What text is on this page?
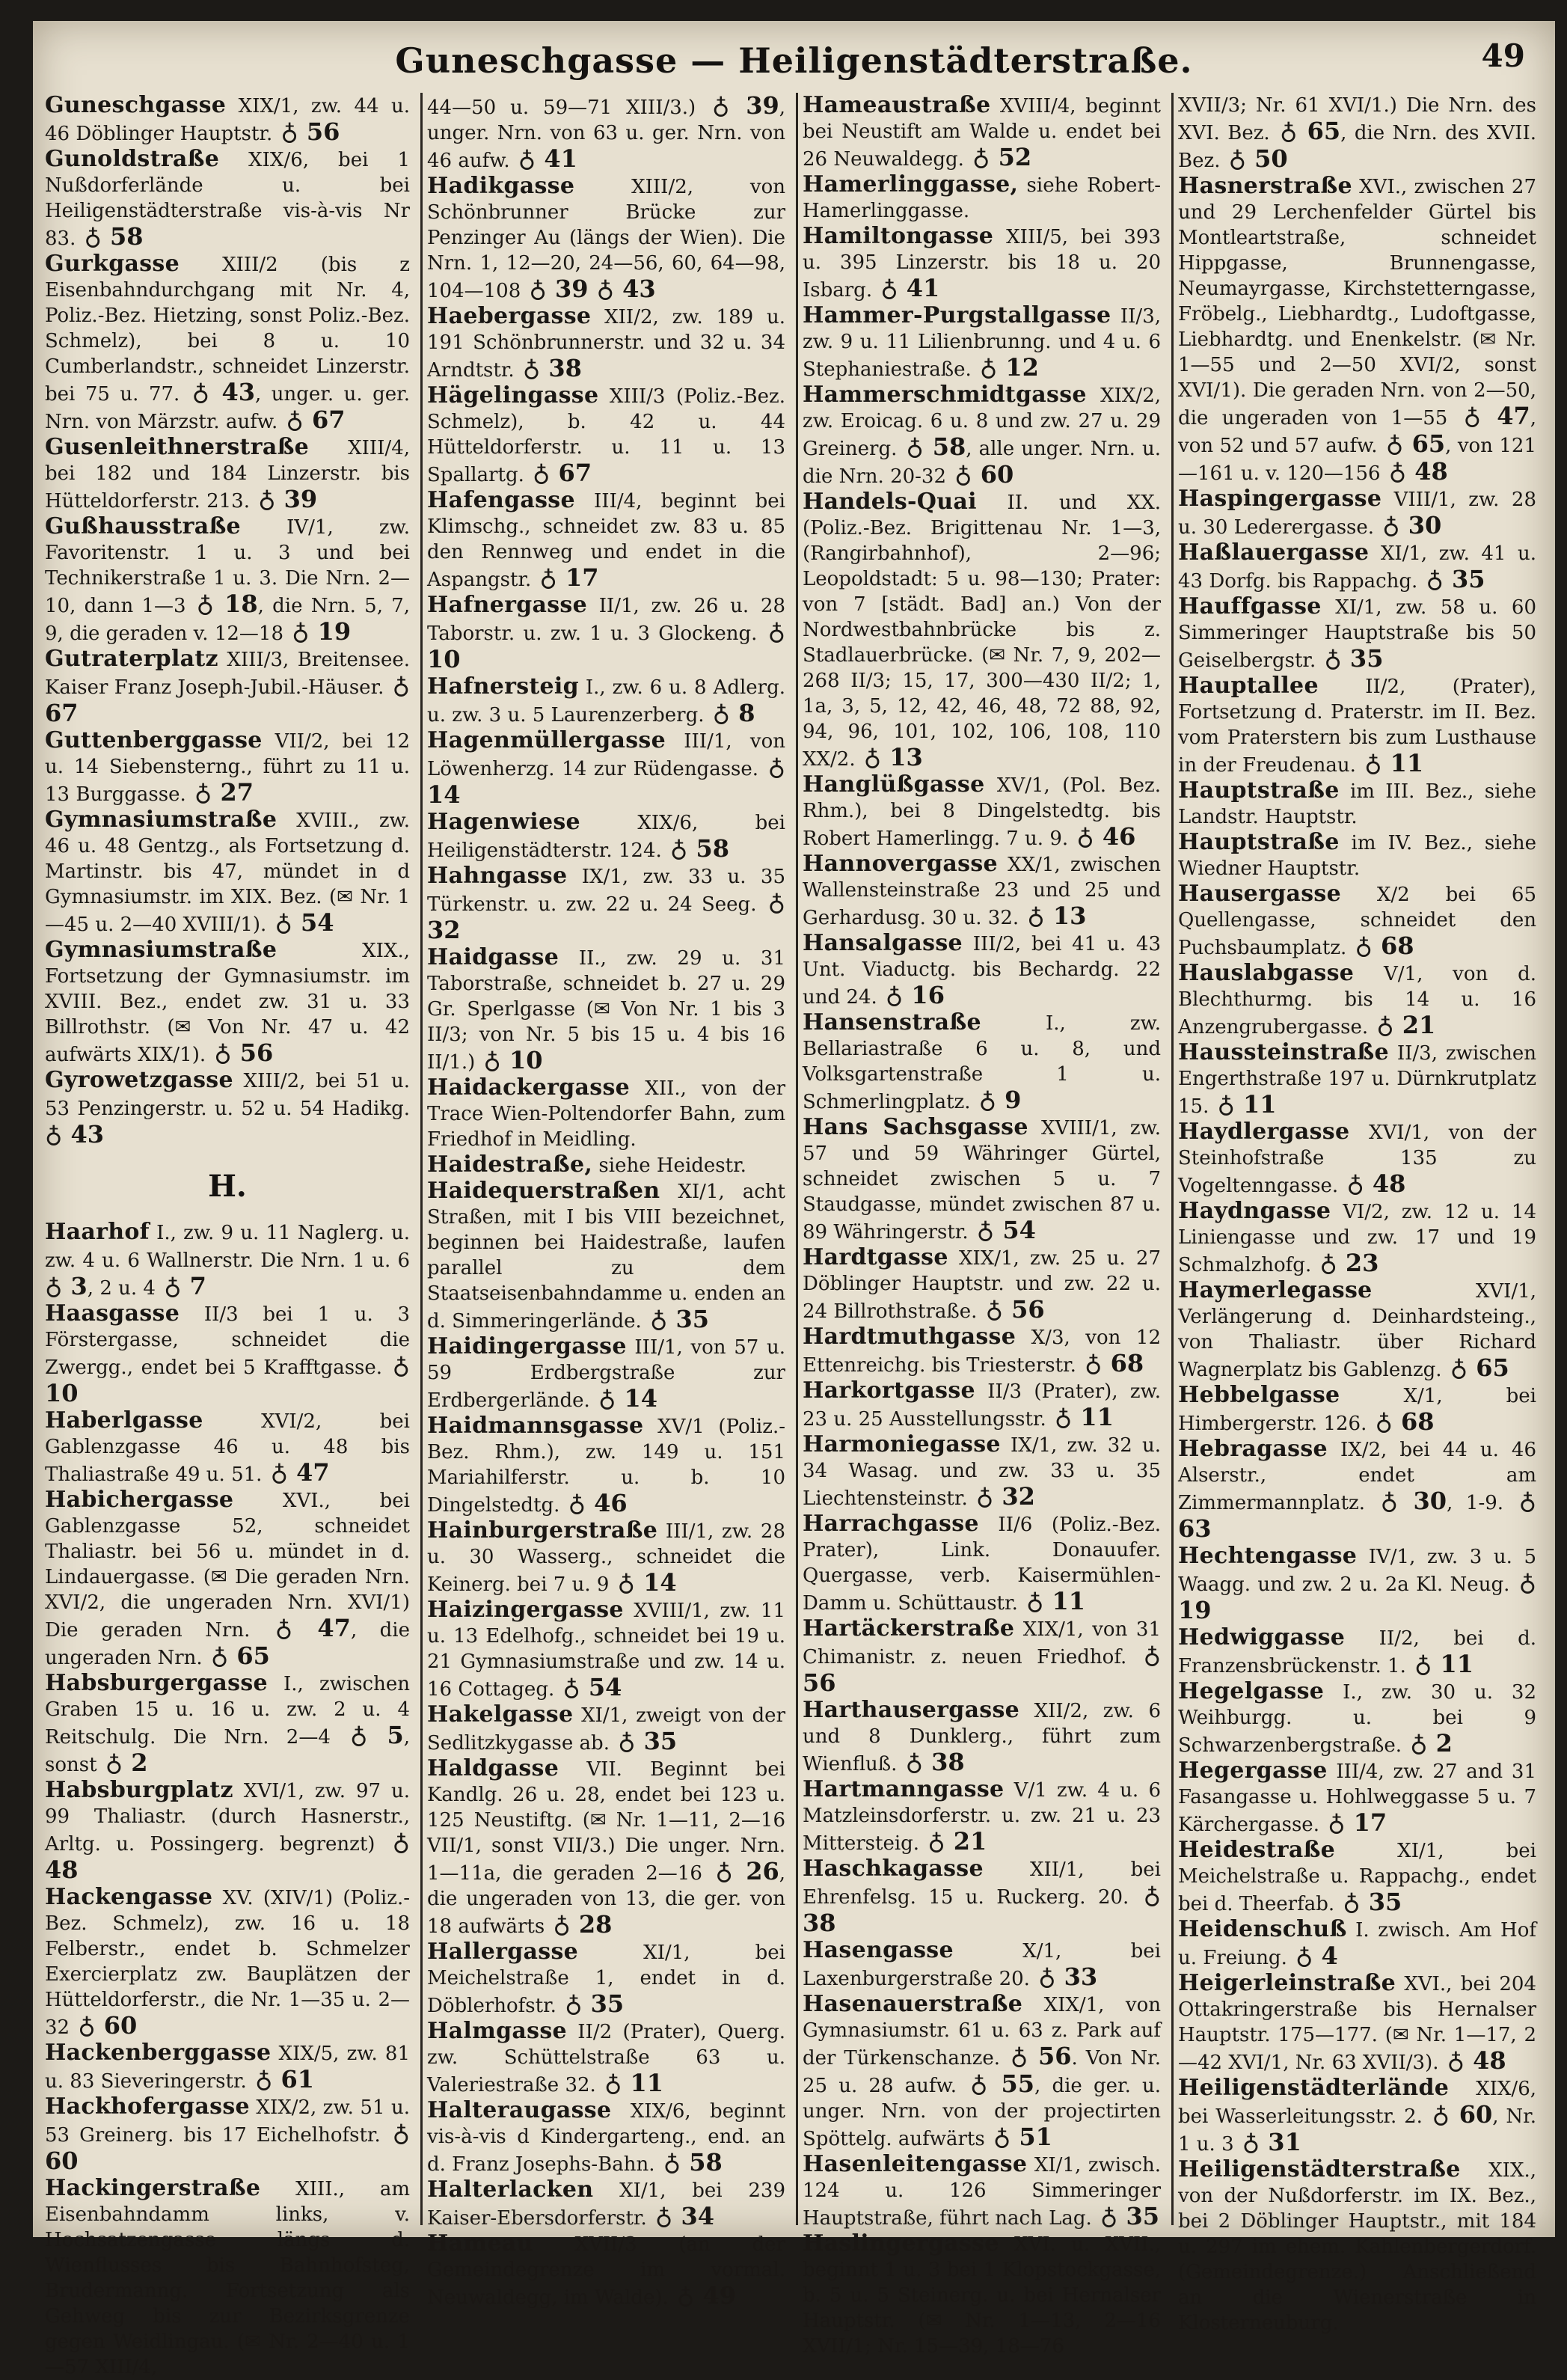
Guneschgasse — Heiligenstädterstraße.	49

Guneschgasse XIX/1, zw. 44 u. 46 Döblinger Hauptstr. ♁ 56

Gunoldstraße XIX/6, bei 1 Nußdorferlände u. bei Heiligenstädterstraße vis-à-vis Nr 83. ♁ 58

Gurkgasse XIII/2 (bis z Eisenbahndurchgang mit Nr. 4, Poliz.-Bez. Hietzing, sonst Poliz.-Bez. Schmelz), bei 8 u. 10 Cumberlandstr., schneidet Linzerstr. bei 75 u. 77. ♁ 43, unger. u. ger. Nrn. von Märzstr. aufw. ♁ 67

Gusenleithnerstraße XIII/4, bei 182 und 184 Linzerstr. bis Hütteldorferstr. 213. ♁ 39

Gußhausstraße IV/1, zw. Favoritenstr. 1 u. 3 und bei Technikerstraße 1 u. 3. Die Nrn. 2—10, dann 1—3 ♁ 18, die Nrn. 5, 7, 9, die geraden v. 12—18 ♁ 19

Gutraterplatz XIII/3, Breitensee. Kaiser Franz Joseph-Jubil.-Häuser. ♁ 67

Guttenberggasse VII/2, bei 12 u. 14 Siebensterng., führt zu 11 u. 13 Burggasse. ♁ 27

Gymnasiumstraße XVIII., zw. 46 u. 48 Gentzg., als Fortsetzung d. Martinstr. bis 47, mündet in d Gymnasiumstr. im XIX. Bez. (✉ Nr. 1—45 u. 2—40 XVIII/1). ♁ 54

Gymnasiumstraße XIX., Fortsetzung der Gymnasiumstr. im XVIII. Bez., endet zw. 31 u. 33 Billrothstr. (✉ Von Nr. 47 u. 42 aufwärts XIX/1). ♁ 56

Gyrowetzgasse XIII/2, bei 51 u. 53 Penzingerstr. u. 52 u. 54 Hadikg. ♁ 43

H.

Haarhof I., zw. 9 u. 11 Naglerg. u. zw. 4 u. 6 Wallnerstr. Die Nrn. 1 u. 6 ♁ 3, 2 u. 4 ♁ 7

Haasgasse II/3 bei 1 u. 3 Förstergasse, schneidet die Zwergg., endet bei 5 Krafftgasse. ♁ 10

Haberlgasse XVI/2, bei Gablenzgasse 46 u. 48 bis Thaliastraße 49 u. 51. ♁ 47

Habichergasse XVI., bei Gablenzgasse 52, schneidet Thaliastr. bei 56 u. mündet in d. Lindauergasse. (✉ Die geraden Nrn. XVI/2, die ungeraden Nrn. XVI/1) Die geraden Nrn. ♁ 47, die ungeraden Nrn. ♁ 65

Habsburgergasse I., zwischen Graben 15 u. 16 u. zw. 2 u. 4 Reitschulg. Die Nrn. 2—4 ♁ 5, sonst ♁ 2

Habsburgplatz XVI/1, zw. 97 u. 99 Thaliastr. (durch Hasnerstr., Arltg. u. Possingerg. begrenzt) ♁ 48

Hackengasse XV. (XIV/1) (Poliz.-Bez. Schmelz), zw. 16 u. 18 Felberstr., endet b. Schmelzer Exercierplatz zw. Bauplätzen der Hütteldorferstr., die Nr. 1—35 u. 2—32 ♁ 60

Hackenberggasse XIX/5, zw. 81 u. 83 Sieveringerstr. ♁ 61

Hackhofergasse XIX/2, zw. 51 u. 53 Greinerg. bis 17 Eichelhofstr. ♁ 60

Hackingerstraße XIII., am Eisenbahndamm links, v. Hochsatzengasse längs d. Wienflusses bis Bahnhofsteg, Brudermanng. Fortsetzung als Gehweg bis zur Bezirksgrenze gegen Weidlingau. (✉ Nr. 2—40 u. 1—57 XIII/4,

44—50 u. 59—71 XIII/3.) ♁ 39, unger. Nrn. von 63 u. ger. Nrn. von 46 aufw. ♁ 41

Hadikgasse XIII/2, von Schönbrunner Brücke zur Penzinger Au (längs der Wien). Die Nrn. 1, 12—20, 24—56, 60, 64—98, 104—108 ♁ 39 ♁ 43

Haebergasse XII/2, zw. 189 u. 191 Schönbrunnerstr. und 32 u. 34 Arndtstr. ♁ 38

Hägelingasse XIII/3 (Poliz.-Bez. Schmelz), b. 42 u. 44 Hütteldorferstr. u. 11 u. 13 Spallartg. ♁ 67

Hafengasse III/4, beginnt bei Klimschg., schneidet zw. 83 u. 85 den Rennweg und endet in die Aspangstr. ♁ 17

Hafnergasse II/1, zw. 26 u. 28 Taborstr. u. zw. 1 u. 3 Glockeng. ♁ 10

Hafnersteig I., zw. 6 u. 8 Adlerg. u. zw. 3 u. 5 Laurenzerberg. ♁ 8

Hagenmüllergasse III/1, von Löwenherzg. 14 zur Rüdengasse. ♁ 14

Hagenwiese XIX/6, bei Heiligenstädterstr. 124. ♁ 58

Hahngasse IX/1, zw. 33 u. 35 Türkenstr. u. zw. 22 u. 24 Seeg. ♁ 32

Haidgasse II., zw. 29 u. 31 Taborstraße, schneidet b. 27 u. 29 Gr. Sperlgasse (✉ Von Nr. 1 bis 3 II/3; von Nr. 5 bis 15 u. 4 bis 16 II/1.) ♁ 10

Haidackergasse XII., von der Trace Wien-Poltendorfer Bahn, zum Friedhof in Meidling.

Haidestraße, siehe Heidestr.

Haidequerstraßen XI/1, acht Straßen, mit I bis VIII bezeichnet, beginnen bei Haidestraße, laufen parallel zu dem Staatseisenbahndamme u. enden an d. Simmeringerlände. ♁ 35

Haidingergasse III/1, von 57 u. 59 Erdbergstraße zur Erdbergerlände. ♁ 14

Haidmannsgasse XV/1 (Poliz.-Bez. Rhm.), zw. 149 u. 151 Mariahilferstr. u. b. 10 Dingelstedtg. ♁ 46

Hainburgerstraße III/1, zw. 28 u. 30 Wasserg., schneidet die Keinerg. bei 7 u. 9 ♁ 14

Haizingergasse XVIII/1, zw. 11 u. 13 Edelhofg., schneidet bei 19 u. 21 Gymnasiumstraße und zw. 14 u. 16 Cottageg. ♁ 54

Hakelgasse XI/1, zweigt von der Sedlitzkygasse ab. ♁ 35

Haldgasse VII. Beginnt bei Kandlg. 26 u. 28, endet bei 123 u. 125 Neustiftg. (✉ Nr. 1—11, 2—16 VII/1, sonst VII/3.) Die unger. Nrn. 1—11a, die geraden 2—16 ♁ 26, die ungeraden von 13, die ger. von 18 aufwärts ♁ 28

Hallergasse XI/1, bei Meichelstraße 1, endet in d. Döblerhofstr. ♁ 35

Halmgasse II/2 (Prater), Querg. zw. Schüttelstraße 63 u. Valeriestraße 32. ♁ 11

Halteraugasse XIX/6, beginnt vis-à-vis d Kindergarteng., end. an d. Franz Josephs-Bahn. ♁ 58

Halterlacken XI/1, bei 239 Kaiser-Ebersdorferstr. ♁ 34

Hameau XVII/3 (an der Gemeindegrenze im vormal. Neuwaldegg, im Walde). ♁ 49

Hameaustraße XVIII/4, beginnt bei Neustift am Walde u. endet bei 26 Neuwaldegg. ♁ 52

Hamerlinggasse, siehe Robert-Hamerlinggasse.

Hamiltongasse XIII/5, bei 393 u. 395 Linzerstr. bis 18 u. 20 Isbarg. ♁ 41

Hammer-Purgstallgasse II/3, zw. 9 u. 11 Lilienbrunng. und 4 u. 6 Stephaniestraße. ♁ 12

Hammerschmidtgasse XIX/2, zw. Eroicag. 6 u. 8 und zw. 27 u. 29 Greinerg. ♁ 58, alle unger. Nrn. u. die Nrn. 20-32 ♁ 60

Handels-Quai II. und XX. (Poliz.-Bez. Brigittenau Nr. 1—3, (Rangirbahnhof), 2—96; Leopoldstadt: 5 u. 98—130; Prater: von 7 [städt. Bad] an.) Von der Nordwestbahnbrücke bis z. Stadlauerbrücke. (✉ Nr. 7, 9, 202—268 II/3; 15, 17, 300—430 II/2; 1, 1a, 3, 5, 12, 42, 46, 48, 72 88, 92, 94, 96, 101, 102, 106, 108, 110 XX/2. ♁ 13

Hanglüßgasse XV/1, (Pol. Bez. Rhm.), bei 8 Dingelstedtg. bis Robert Hamerlingg. 7 u. 9. ♁ 46

Hannovergasse XX/1, zwischen Wallensteinstraße 23 und 25 und Gerhardusg. 30 u. 32. ♁ 13

Hansalgasse III/2, bei 41 u. 43 Unt. Viaductg. bis Bechardg. 22 und 24. ♁ 16

Hansenstraße I., zw. Bellariastraße 6 u. 8, und Volksgartenstraße 1 u. Schmerlingplatz. ♁ 9

Hans Sachsgasse XVIII/1, zw. 57 und 59 Währinger Gürtel, schneidet zwischen 5 u. 7 Staudgasse, mündet zwischen 87 u. 89 Währingerstr. ♁ 54

Hardtgasse XIX/1, zw. 25 u. 27 Döblinger Hauptstr. und zw. 22 u. 24 Billrothstraße. ♁ 56

Hardtmuthgasse X/3, von 12 Ettenreichg. bis Triesterstr. ♁ 68

Harkortgasse II/3 (Prater), zw. 23 u. 25 Ausstellungsstr. ♁ 11

Harmoniegasse IX/1, zw. 32 u. 34 Wasag. und zw. 33 u. 35 Liechtensteinstr. ♁ 32

Harrachgasse II/6 (Poliz.-Bez. Prater), Link. Donauufer. Quergasse, verb. Kaisermühlen-Damm u. Schüttaustr. ♁ 11

Hartäckerstraße XIX/1, von 31 Chimanistr. z. neuen Friedhof. ♁ 56

Harthausergasse XII/2, zw. 6 und 8 Dunklerg., führt zum Wienfluß. ♁ 38

Hartmanngasse V/1 zw. 4 u. 6 Matzleinsdorferstr. u. zw. 21 u. 23 Mittersteig. ♁ 21

Haschkagasse XII/1, bei Ehrenfelsg. 15 u. Ruckerg. 20. ♁ 38

Hasengasse X/1, bei Laxenburgerstraße 20. ♁ 33

Hasenauerstraße XIX/1, von Gymnasiumstr. 61 u. 63 z. Park auf der Türkenschanze. ♁ 56. Von Nr. 25 u. 28 aufw. ♁ 55, die ger. u. unger. Nrn. von der projectirten Spöttelg. aufwärts ♁ 51

Hasenleitengasse XI/1, zwisch. 124 u. 126 Simmeringer Hauptstraße, führt nach Lag. ♁ 35

Haslingergasse XVI. u. XVII., beginnt 1 u. 3 bei 1 Klopstockgasse, b. 5 u. 5 Steinerg. u. bei Hernalser Hauptstr. (✉ Nr. 1—13, 2—16 XVII/1; Nr. 15—39, 18—76

XVII/3; Nr. 61 XVI/1.) Die Nrn. des XVI. Bez. ♁ 65, die Nrn. des XVII. Bez. ♁ 50

Hasnerstraße XVI., zwischen 27 und 29 Lerchenfelder Gürtel bis Montleartstraße, schneidet Hippgasse, Brunnengasse, Neumayrgasse, Kirchstetterngasse, Fröbelg., Liebhardtg., Ludoftgasse, Liebhardtg. und Enenkelstr. (✉ Nr. 1—55 und 2—50 XVI/2, sonst XVI/1). Die geraden Nrn. von 2—50, die ungeraden von 1—55 ♁ 47, von 52 und 57 aufw. ♁ 65, von 121—161 u. v. 120—156 ♁ 48

Haspingergasse VIII/1, zw. 28 u. 30 Lederergasse. ♁ 30

Haßlauergasse XI/1, zw. 41 u. 43 Dorfg. bis Rappachg. ♁ 35

Hauffgasse XI/1, zw. 58 u. 60 Simmeringer Hauptstraße bis 50 Geiselbergstr. ♁ 35

Hauptallee II/2, (Prater), Fortsetzung d. Praterstr. im II. Bez. vom Praterstern bis zum Lusthause in der Freudenau. ♁ 11

Hauptstraße im III. Bez., siehe Landstr. Hauptstr.

Hauptstraße im IV. Bez., siehe Wiedner Hauptstr.

Hausergasse X/2 bei 65 Quellengasse, schneidet den Puchsbaumplatz. ♁ 68

Hauslabgasse V/1, von d. Blechthurmg. bis 14 u. 16 Anzengrubergasse. ♁ 21

Haussteinstraße II/3, zwischen Engerthstraße 197 u. Dürnkrutplatz 15. ♁ 11

Haydlergasse XVI/1, von der Steinhofstraße 135 zu Vogeltenngasse. ♁ 48

Haydngasse VI/2, zw. 12 u. 14 Liniengasse und zw. 17 und 19 Schmalzhofg. ♁ 23

Haymerlegasse XVI/1, Verlängerung d. Deinhardsteing., von Thaliastr. über Richard Wagnerplatz bis Gablenzg. ♁ 65

Hebbelgasse X/1, bei Himbergerstr. 126. ♁ 68

Hebragasse IX/2, bei 44 u. 46 Alserstr., endet am Zimmermannplatz. ♁ 30, 1-9. ♁ 63

Hechtengasse IV/1, zw. 3 u. 5 Waagg. und zw. 2 u. 2a Kl. Neug. ♁ 19

Hedwiggasse II/2, bei d. Franzensbrückenstr. 1. ♁ 11

Hegelgasse I., zw. 30 u. 32 Weihburgg. u. bei 9 Schwarzenbergstraße. ♁ 2

Hegergasse III/4, zw. 27 and 31 Fasangasse u. Hohlweggasse 5 u. 7 Kärchergasse. ♁ 17

Heidestraße XI/1, bei Meichelstraße u. Rappachg., endet bei d. Theerfab. ♁ 35

Heidenschuß I. zwisch. Am Hof u. Freiung. ♁ 4

Heigerleinstraße XVI., bei 204 Ottakringerstraße bis Hernalser Hauptstr. 175—177. (✉ Nr. 1—17, 2—42 XVI/1, Nr. 63 XVII/3). ♁ 48

Heiligenstädterlände XIX/6, bei Wasserleitungsstr. 2. ♁ 60, Nr. 1 u. 3 ♁ 31

Heiligenstädterstraße XIX., von der Nußdorferstr. im IX. Bez., bei 2 Döblinger Hauptstr., mit 184 u. 297 im ehem. Kahlenbergerdorf. (Gemeindegrenze.) Anschließend an die Wienerstraße in Klosterneuburg.
